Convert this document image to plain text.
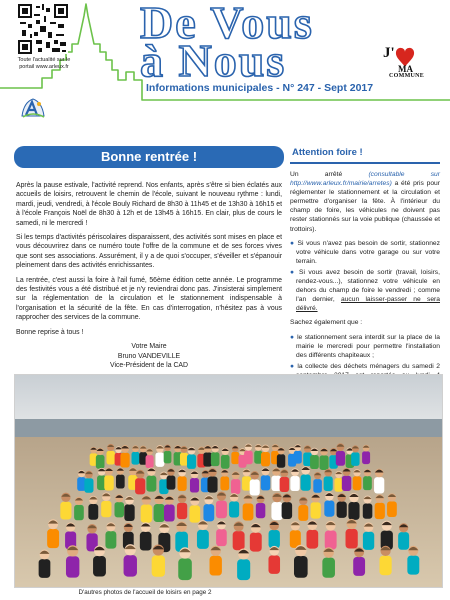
Toute l'actualité sur le portail www.arleux.fr
De Vous
à Nous	J'
MA
COMMUNE
Informations municipales - N° 247 - Sept 2017
Bonne rentrée !

Après la pause estivale, l'activité reprend. Nos enfants, après s'être si bien éclatés aux accueils de loisirs, retrouvent le chemin de l'école, suivant le nouveau rythme : lundi, mardi, jeudi, vendredi, à l'école Bouly Richard de 8h30 à 11h45 et de 13h30 à 16h15 et à l'école François Noël de 8h30 à 12h et de 13h45 à 16h15. En clair, plus de cours le samedi, ni le mercredi !

Si les temps d'activités périscolaires disparaissent, des activités sont mises en place et vous découvrirez dans ce numéro toute l'offre de la commune et de ses forces vives que sont ses associations. Assurément, il y a de quoi s'occuper, s'éveiller et s'épanouir pleinement dans des activités enrichissantes.

La rentrée, c'est aussi la foire à l'ail fumé, 56ème édition cette année. Le programme des festivités vous a été distribué et je n'y reviendrai donc pas. J'insisterai simplement sur la réglementation de la circulation et le stationnement indispensable à l'organisation et la sécurité de la fête. En cas d'interrogation, n'hésitez pas à vous rapprocher des services de la commune.

Bonne reprise à tous !

Votre Maire
Bruno VANDEVILLE
Vice-Président de la CAD
Attention foire !

Un arrêté (consultable sur http://www.arleux.fr/mairie/arretes) a été pris pour réglementer le stationnement et la circulation et permettre d'organiser la fête. À l'intérieur du champ de foire, les véhicules ne doivent pas rester stationnés sur la voie publique (chaussée et trottoirs).

● Si vous n'avez pas besoin de sortir, stationnez votre véhicule dans votre garage ou sur votre terrain.
● Si vous avez besoin de sortir (travail, loisirs, rendez-vous...), stationnez votre véhicule en dehors du champ de foire le vendredi ; comme l'an dernier, aucun laisser-passer ne sera délivré.

Sachez également que :

● le stationnement sera interdit sur la place de la mairie le mercredi pour permettre l'installation des différents chapiteaux ;
● la collecte des déchets ménagers du samedi 2
D'autres photos de l'accueil de loisirs en page 2
